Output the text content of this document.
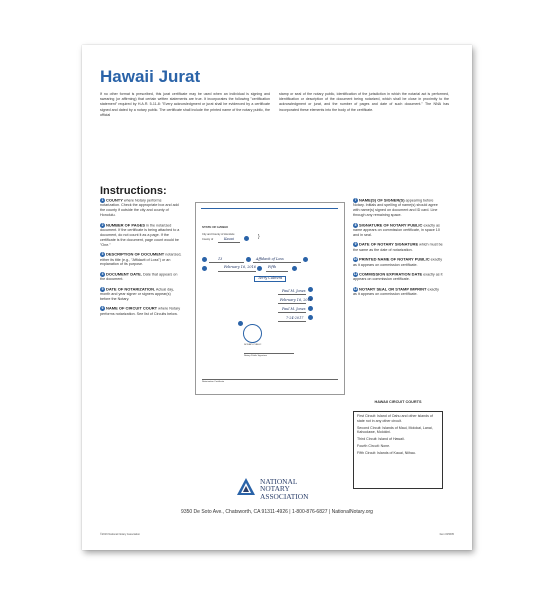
Hawaii Jurat
If no other format is prescribed, this jurat certificate may be used when an individual is signing and swearing (or affirming) that certain written statements are true. It incorporates the following "certification statement" required by H.A.R. 5-11-8: "Every acknowledgment or jurat shall be evidenced by a certificate signed and dated by a notary public. The certificate shall include the printed name of the notary public, the official
stamp or seal of the notary public, identification of the jurisdiction in which the notarial act is performed, identification or description of the document being notarized, which shall be close in proximity to the acknowledgment or jurat, and the number of pages and date of such document." The NNA has incorporated these elements into the body of the certificate.
Instructions:
1 COUNTY where Notary performs notarization. Check the appropriate box and add the county if outside the city and county of Honolulu.
2 NUMBER OF PAGES in the notarized document. If the certificate is being attached to a document, do not count it as a page. If the certificate is the document, page count would be "One."
3 DESCRIPTION OF DOCUMENT notarized, either its title (e.g., "Affidavit of Loss") or an explanation of its purpose.
4 DOCUMENT DATE. Date that appears on the document.
5 DATE OF NOTARIZATION. Actual day, month and year signer or signers appear(s) before the Notary.
6 NAME OF CIRCUIT COURT where Notary performs notarization. See list of Circuits below.
7 NAME(S) OF SIGNER(S) appearing before Notary. Initials and spelling of name(s) should agree with name(s) signed on document and ID card. Line through any remaining space.
8 SIGNATURE OF NOTARY PUBLIC exactly as name appears on commission certificate, in space 10 and in seal.
9 DATE OF NOTARY SIGNATURE which must be the same as the date of notarization.
10 PRINTED NAME OF NOTARY PUBLIC exactly as it appears on commission certificate.
11 COMMISSION EXPIRATION DATE exactly as it appears on commission certificate.
12 NOTARY SEAL OR STAMP IMPRINT exactly as it appears on commission certificate.
STATE OF HAWAII
City and County of Honolulu
County of	Kauai	}
13	Affidavit of Loss
February 16, 2016	Fifth
Terry Cabrera
Paul M. Jones
February 16, 2016
Paul M. Jones
7-24-2017
NOTARY PUBLIC
Notary Public Signature
Notarization Certificate
HAWAII CIRCUIT COURTS
First Circuit: Island of Oahu and other islands of state not in any other circuit.
Second Circuit: Islands of Maui, Molokai, Lanai, Kahoolawe, Molokini.
Third Circuit: Island of Hawaii.
Fourth Circuit: None.
Fifth Circuit: Islands of Kauai, Niihau.
NATIONAL
NOTARY
ASSOCIATION
9350 De Soto Ave., Chatsworth, CA 91311-4926 | 1-800-876-6827 | NationalNotary.org
©2016 National Notary Association	Item #15605
